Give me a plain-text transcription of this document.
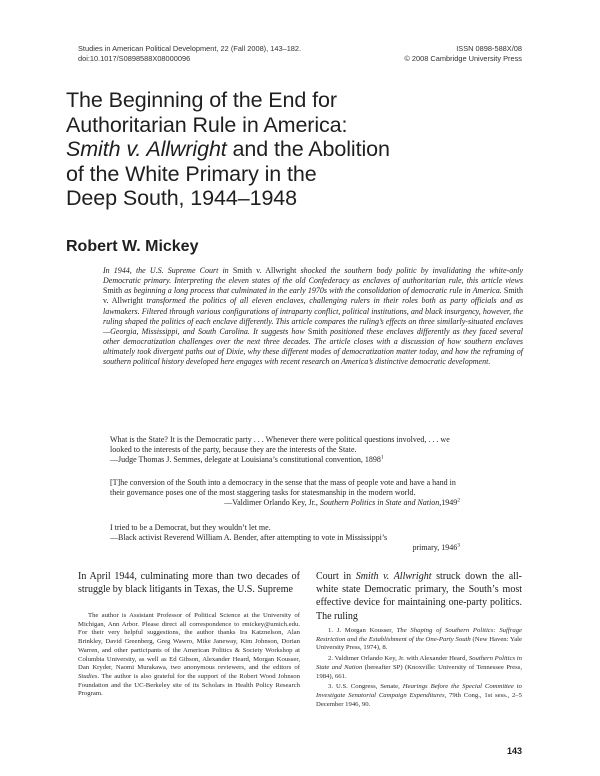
Studies in American Political Development, 22 (Fall 2008), 143–182.
doi:10.1017/S0898588X08000096
ISSN 0898-588X/08
© 2008 Cambridge University Press
The Beginning of the End for
Authoritarian Rule in America:
Smith v. Allwright and the Abolition
of the White Primary in the
Deep South, 1944–1948
Robert W. Mickey
In 1944, the U.S. Supreme Court in Smith v. Allwright shocked the southern body politic by invalidating the white-only Democratic primary. Interpreting the eleven states of the old Confederacy as enclaves of authoritarian rule, this article views Smith as beginning a long process that culminated in the early 1970s with the consolidation of democratic rule in America. Smith v. Allwright transformed the politics of all eleven enclaves, challenging rulers in their roles both as party officials and as lawmakers. Filtered through various configurations of intraparty conflict, political institutions, and black insurgency, however, the ruling shaped the politics of each enclave differently. This article compares the ruling’s effects on three similarly-situated enclaves—Georgia, Mississippi, and South Carolina. It suggests how Smith positioned these enclaves differently as they faced several other democratization challenges over the next three decades. The article closes with a discussion of how southern enclaves ultimately took divergent paths out of Dixie, why these different modes of democratization matter today, and how the reframing of southern political history developed here engages with recent research on America’s distinctive democratic development.

What is the State? It is the Democratic party . . . Whenever there were political questions involved, . . . we looked to the interests of the party, because they are the interests of the State.

—Judge Thomas J. Semmes, delegate at Louisiana’s constitutional convention, 1898$^1$

[T]he conversion of the South into a democracy in the sense that the mass of people vote and have a hand in their governance poses one of the most staggering tasks for statesmanship in the modern world.

—Valdimer Orlando Key, Jr., Southern Politics in State and Nation,1949$^2$

I tried to be a Democrat, but they wouldn’t let me.

—Black activist Reverend William A. Bender, after attempting to vote in Mississippi’s

primary, 1946$^3$

In April 1944, culminating more than two decades of struggle by black litigants in Texas, the U.S. Supreme
Court in Smith v. Allwright struck down the all-white state Democratic primary, the South’s most effective device for maintaining one-party politics. The ruling
The author is Assistant Professor of Political Science at the University of Michigan, Ann Arbor. Please direct all correspondence to rmickey@umich.edu. For their very helpful suggestions, the author thanks Ira Katznelson, Alan Brinkley, David Greenberg, Greg Wawro, Mike Janeway, Kim Johnson, Dorian Warren, and other participants of the American Politics & Society Workshop at Columbia University, as well as Ed Gibson, Alexander Heard, Morgan Kousser, Dan Kryder, Naomi Murakawa, two anonymous reviewers, and the editors of Studies. The author is also grateful for the support of the Robert Wood Johnson Foundation and the UC-Berkeley site of its Scholars in Health Policy Research Program.

1. J. Morgan Kousser, The Shaping of Southern Politics: Suffrage Restriction and the Establishment of the One-Party South (New Haven: Yale University Press, 1974), 8.

2. Valdimer Orlando Key, Jr. with Alexander Heard, Southern Politics in State and Nation (hereafter SP) (Knoxville: University of Tennessee Press, 1984), 661.

3. U.S. Congress, Senate, Hearings Before the Special Committee to Investigate Senatorial Campaign Expenditures, 79th Cong., 1st sess., 2–5 December 1946, 90.

143
